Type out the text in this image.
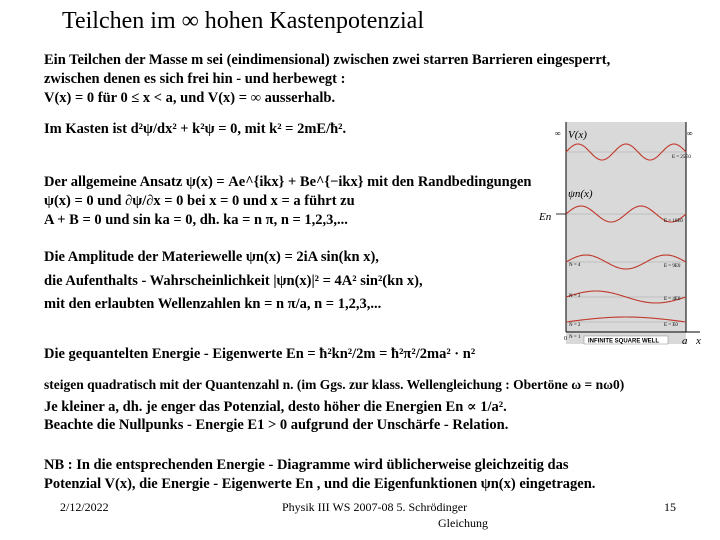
Teilchen im ∞ hohen Kastenpotenzial
Ein Teilchen der Masse m sei (eindimensional) zwischen zwei starren Barrieren eingesperrt,
zwischen denen es sich frei hin - und herbewegt :
V(x) = 0 für 0 ≤ x < a, und V(x) = ∞ ausserhalb.
Im Kasten ist d²ψ/dx² + k²ψ = 0, mit k² = 2mE/ħ².
Der allgemeine Ansatz ψ(x) = Ae^{ikx} + Be^{−ikx} mit den Randbedingungen
ψ(x) = 0 und ∂ψ/∂x = 0 bei x = 0 und x = a führt zu
A + B = 0 und sin ka = 0, dh. ka = n π, n = 1,2,3,...
Die Amplitude der Materiewelle ψn(x) = 2iA sin(kn x),
die Aufenthalts - Wahrscheinlichkeit |ψn(x)|² = 4A² sin²(kn x),
mit den erlaubten Wellenzahlen kn = n π/a, n = 1,2,3,...
Die gequantelten Energie - Eigenwerte En = ħ²kn²/2m = ħ²π²/2ma² · n²
steigen quadratisch mit der Quantenzahl n. (im Ggs. zur klass. Wellengleichung : Obertöne ω = nω0)
Je kleiner a, dh. je enger das Potenzial, desto höher die Energien En ∝ 1/a².
Beachte die Nullpunks - Energie E1 > 0 aufgrund der Unschärfe - Relation.
NB : In die entsprechenden Energie - Diagramme wird üblicherweise gleichzeitig das
Potenzial V(x), die Energie - Eigenwerte En , und die Eigenfunktionen ψn(x) eingetragen.
2/12/2022	Physik III WS 2007-08 5. Schrödinger
Gleichung
15
∞	∞
V(x)
ψn(x)
En
E = 25E0
N = 4
N = 3
N = 2
N = 1
E = 16E0
E = 9E0
E = 4E0
E = E0
0	INFINITE SQUARE WELL a x
